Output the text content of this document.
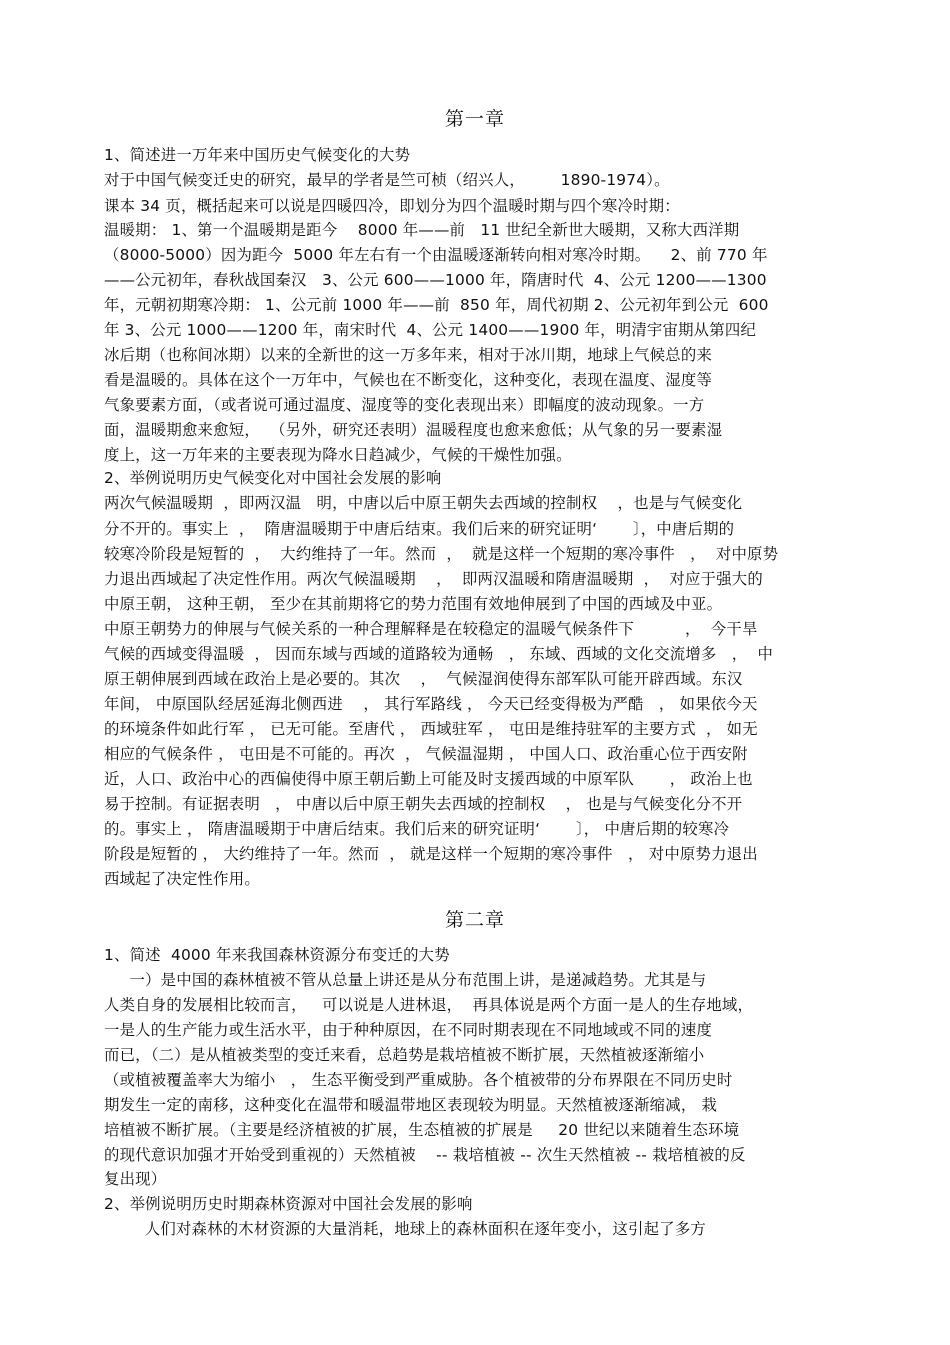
第一章
1、简述进一万年来中国历史气候变化的大势
对于中国气候变迁史的研究，最早的学者是竺可桢（绍兴人，       1890-1974）。
课本 34 页，概括起来可以说是四暖四冷，即划分为四个温暖时期与四个寒冷时期：
温暖期： 1、第一个温暖期是距今    8000 年——前   11 世纪全新世大暖期，又称大西洋期
（8000-5000）因为距今  5000 年左右有一个由温暖逐渐转向相对寒冷时期。    2、前 770 年
——公元初年，春秋战国秦汉   3、公元 600——1000 年，隋唐时代  4、公元 1200——1300
年，元朝初期寒冷期： 1、公元前 1000 年——前  850 年，周代初期 2、公元初年到公元  600
年 3、公元 1000——1200 年，南宋时代  4、公元 1400——1900 年，明清宇宙期从第四纪
冰后期（也称间冰期）以来的全新世的这一万多年来，相对于冰川期，地球上气候总的来
看是温暖的。具体在这个一万年中，气候也在不断变化，这种变化，表现在温度、湿度等
气象要素方面，（或者说可通过温度、湿度等的变化表现出来）即幅度的波动现象。一方
面，温暖期愈来愈短，  （另外，研究还表明）温暖程度也愈来愈低；从气象的另一要素湿
度上，这一万年来的主要表现为降水日趋减少，气候的干燥性加强。
2、举例说明历史气候变化对中国社会发展的影响
两次气候温暖期  ，即两汉温   明，中唐以后中原王朝失去西域的控制权    ，也是与气候变化
分不开的。事实上  ，  隋唐温暖期于中唐后结束。我们后来的研究证明‘       〕，中唐后期的
较寒冷阶段是短暂的  ，  大约维持了一年。然而  ，  就是这样一个短期的寒冷事件   ，  对中原势
力退出西域起了决定性作用。两次气候温暖期    ，  即两汉温暖和隋唐温暖期  ，  对应于强大的
中原王朝， 这种王朝， 至少在其前期将它的势力范围有效地伸展到了中国的西域及中亚。
中原王朝势力的伸展与气候关系的一种合理解释是在较稳定的温暖气候条件下          ，  今干旱
气候的西域变得温暖  ， 因而东域与西域的道路较为通畅   ， 东域、西域的文化交流增多   ，  中
原王朝伸展到西域在政治上是必要的。其次    ，  气候湿润使得东部军队可能开辟西域。东汉
年间， 中原国队经居延海北侧西进    ， 其行军路线 ， 今天已经变得极为严酷   ， 如果依今天
的环境条件如此行军 ， 已无可能。至唐代 ， 西域驻军 ， 屯田是维持驻军的主要方式  ， 如无
相应的气候条件 ， 屯田是不可能的。再次  ， 气候温湿期 ， 中国人口、政治重心位于西安附
近，人口、政治中心的西偏使得中原王朝后勤上可能及时支援西域的中原军队       ， 政治上也
易于控制。有证据表明   ， 中唐以后中原王朝失去西域的控制权    ， 也是与气候变化分不开
的。事实上 ， 隋唐温暖期于中唐后结束。我们后来的研究证明‘       〕， 中唐后期的较寒冷
阶段是短暂的 ， 大约维持了一年。然而  ， 就是这样一个短期的寒冷事件   ， 对中原势力退出
西域起了决定性作用。
第二章
1、简述  4000 年来我国森林资源分布变迁的大势
一）是中国的森林植被不管从总量上讲还是从分布范围上讲，是递减趋势。尤其是与
人类自身的发展相比较而言，   可以说是人进林退，  再具体说是两个方面一是人的生存地域，
一是人的生产能力或生活水平，由于种种原因，在不同时期表现在不同地域或不同的速度
而已，（二）是从植被类型的变迁来看，总趋势是栽培植被不断扩展，天然植被逐渐缩小
（或植被覆盖率大为缩小   ， 生态平衡受到严重威胁。各个植被带的分布界限在不同历史时
期发生一定的南移，这种变化在温带和暖温带地区表现较为明显。天然植被逐渐缩减， 栽
培植被不断扩展。（主要是经济植被的扩展，生态植被的扩展是     20 世纪以来随着生态环境
的现代意识加强才开始受到重视的）天然植被    -- 栽培植被 -- 次生天然植被 -- 栽培植被的反
复出现）
2、举例说明历史时期森林资源对中国社会发展的影响
人们对森林的木材资源的大量消耗，地球上的森林面积在逐年变小，这引起了多方
